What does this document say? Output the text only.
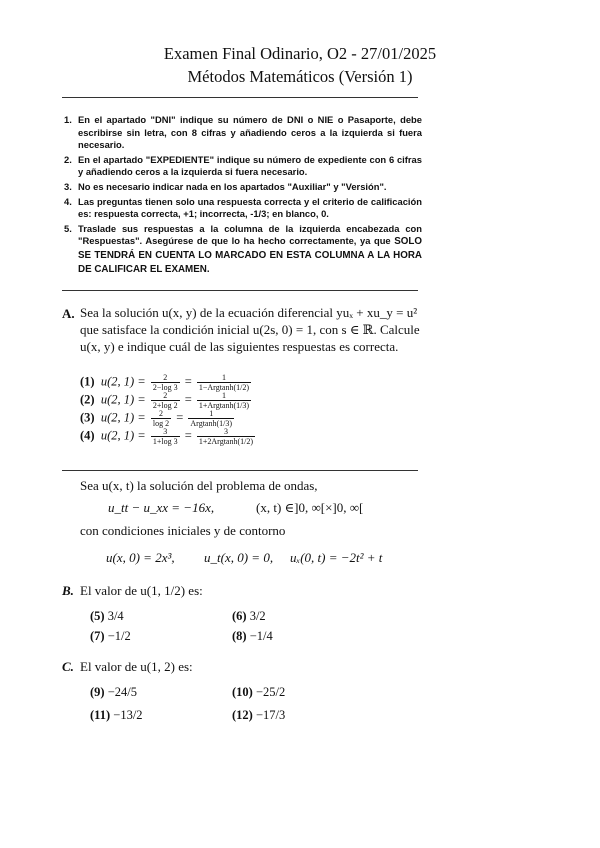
Examen Final Odinario, O2 - 27/01/2025
Métodos Matemáticos (Versión 1)
1. En el apartado "DNI" indique su número de DNI o NIE o Pasaporte, debe escribirse sin letra, con 8 cifras y añadiendo ceros a la izquierda si fuera necesario.
2. En el apartado "EXPEDIENTE" indique su número de expediente con 6 cifras y añadiendo ceros a la izquierda si fuera necesario.
3. No es necesario indicar nada en los apartados "Auxiliar" y "Versión".
4. Las preguntas tienen solo una respuesta correcta y el criterio de calificación es: respuesta correcta, +1; incorrecta, -1/3; en blanco, 0.
5. Traslade sus respuestas a la columna de la izquierda encabezada con "Respuestas". Asegúrese de que lo ha hecho correctamente, ya que SOLO SE TENDRÁ EN CUENTA LO MARCADO EN ESTA COLUMNA A LA HORA DE CALIFICAR EL EXAMEN.
A. Sea la solución u(x, y) de la ecuación diferencial yuₓ + xu_y = u²
que satisface la condición inicial u(2s, 0) = 1, con s ∈ ℝ. Calcule
u(x, y) e indique cuál de las siguientes respuestas es correcta.
(1) u(2, $1) = \frac{2}{2-\log 3} = \frac{1}{\text{1−Argtanh(1/2)}}$
(2) u(2, $1) = \frac{2}{2+\log 2} = \frac{1}{\text{1+Argtanh(1/3)}}$
(3) u(2, $1) = \frac{2}{\log 2} = \frac{1}{\text{Argtanh(1/3)}}$
(4) u(2, $1) = \frac{3}{1+\log 3} = \frac{3}{\text{1+2Argtanh(1/2)}}$
Sea u(x, t) la solución del problema de ondas,
u_tt − u_xx = −16x,	(x, t) ∈]0, ∞[×]0, ∞[
con condiciones iniciales y de contorno
u(x, 0) = 2x³, u_t(x, 0) = 0, uₓ(0, t) = −2t² + t
B. El valor de u(1, 1/2) es:
(5) 3/4	(6) 3/2
(7) −1/2	(8) −1/4
C. El valor de u(1, 2) es:
(9) −24/5	(10) −25/2
(11) −13/2	(12) −17/3
